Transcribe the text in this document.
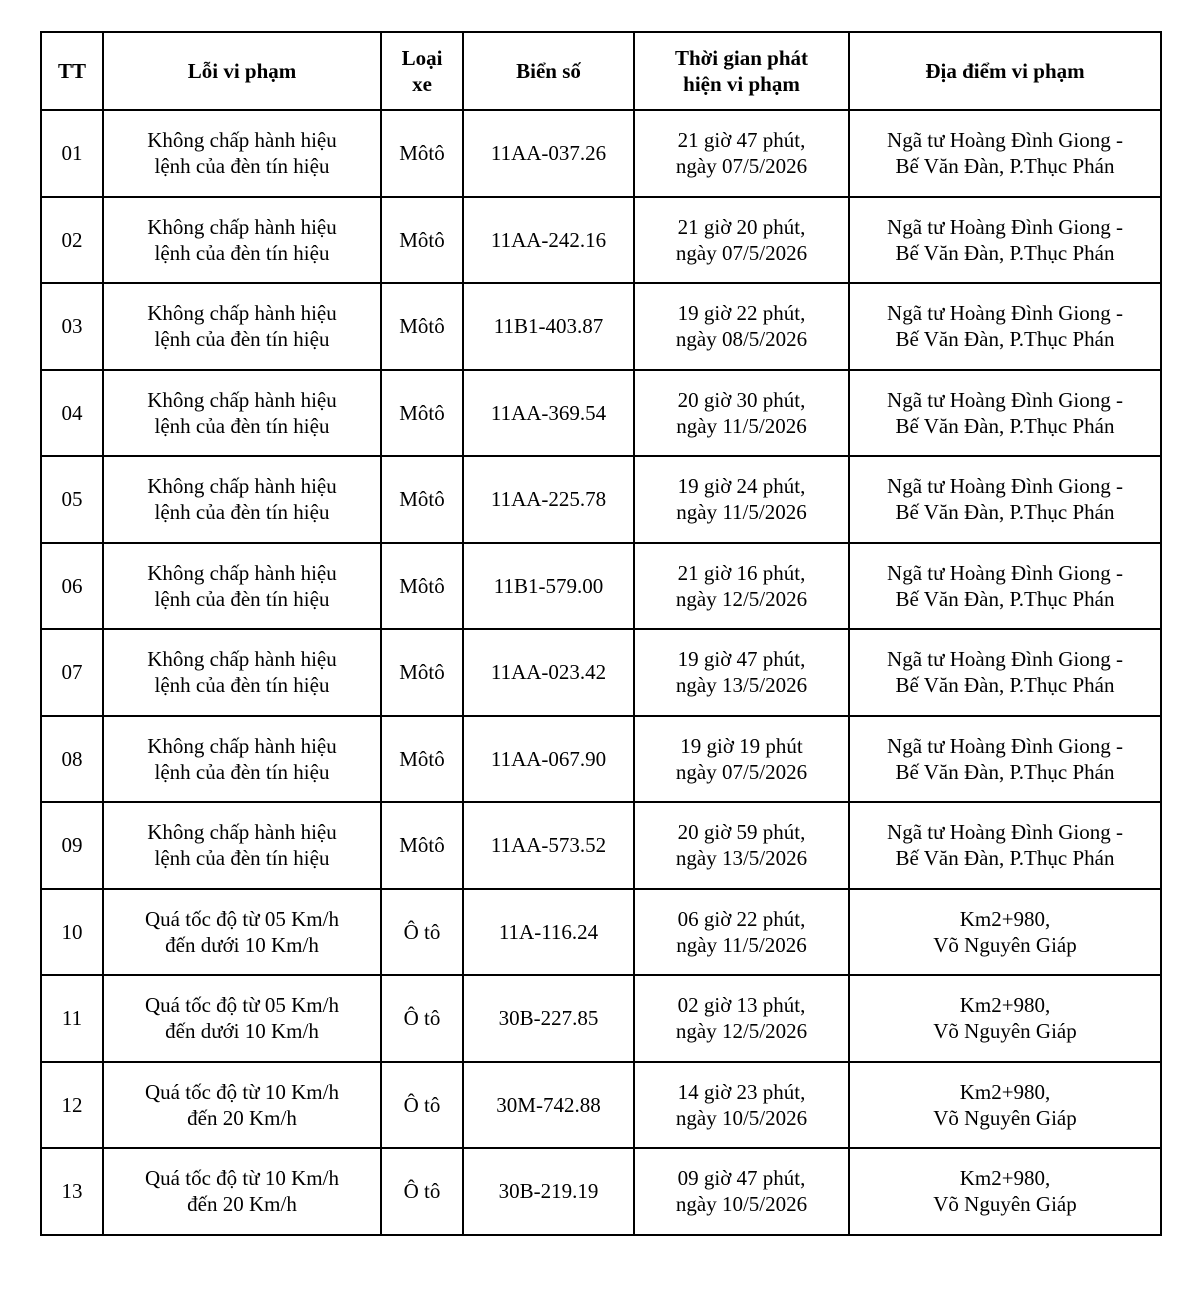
TT	Lỗi vi phạm	Loại
xe	Biển số	Thời gian phát
hiện vi phạm	Địa điểm vi phạm

01	Không chấp hành hiệu
lệnh của đèn tín hiệu	Môtô	11AA-037.26	21 giờ 47 phút,
ngày 07/5/2026	Ngã tư Hoàng Đình Giong -
Bế Văn Đàn, P.Thục Phán

02	Không chấp hành hiệu
lệnh của đèn tín hiệu	Môtô	11AA-242.16	21 giờ 20 phút,
ngày 07/5/2026	Ngã tư Hoàng Đình Giong -
Bế Văn Đàn, P.Thục Phán

03	Không chấp hành hiệu
lệnh của đèn tín hiệu	Môtô	11B1-403.87	19 giờ 22 phút,
ngày 08/5/2026	Ngã tư Hoàng Đình Giong -
Bế Văn Đàn, P.Thục Phán

04	Không chấp hành hiệu
lệnh của đèn tín hiệu	Môtô	11AA-369.54	20 giờ 30 phút,
ngày 11/5/2026	Ngã tư Hoàng Đình Giong -
Bế Văn Đàn, P.Thục Phán

05	Không chấp hành hiệu
lệnh của đèn tín hiệu	Môtô	11AA-225.78	19 giờ 24 phút,
ngày 11/5/2026	Ngã tư Hoàng Đình Giong -
Bế Văn Đàn, P.Thục Phán

06	Không chấp hành hiệu
lệnh của đèn tín hiệu	Môtô	11B1-579.00	21 giờ 16 phút,
ngày 12/5/2026	Ngã tư Hoàng Đình Giong -
Bế Văn Đàn, P.Thục Phán

07	Không chấp hành hiệu
lệnh của đèn tín hiệu	Môtô	11AA-023.42	19 giờ 47 phút,
ngày 13/5/2026	Ngã tư Hoàng Đình Giong -
Bế Văn Đàn, P.Thục Phán

08	Không chấp hành hiệu
lệnh của đèn tín hiệu	Môtô	11AA-067.90	19 giờ 19 phút
ngày 07/5/2026	Ngã tư Hoàng Đình Giong -
Bế Văn Đàn, P.Thục Phán

09	Không chấp hành hiệu
lệnh của đèn tín hiệu	Môtô	11AA-573.52	20 giờ 59 phút,
ngày 13/5/2026	Ngã tư Hoàng Đình Giong -
Bế Văn Đàn, P.Thục Phán

10	Quá tốc độ từ 05 Km/h
đến dưới 10 Km/h	Ô tô	11A-116.24	06 giờ 22 phút,
ngày 11/5/2026	Km2+980,
Võ Nguyên Giáp

11	Quá tốc độ từ 05 Km/h
đến dưới 10 Km/h	Ô tô	30B-227.85	02 giờ 13 phút,
ngày 12/5/2026	Km2+980,
Võ Nguyên Giáp

12	Quá tốc độ từ 10 Km/h
đến 20 Km/h	Ô tô	30M-742.88	14 giờ 23 phút,
ngày 10/5/2026	Km2+980,
Võ Nguyên Giáp

13	Quá tốc độ từ 10 Km/h
đến 20 Km/h	Ô tô	30B-219.19	09 giờ 47 phút,
ngày 10/5/2026	Km2+980,
Võ Nguyên Giáp
